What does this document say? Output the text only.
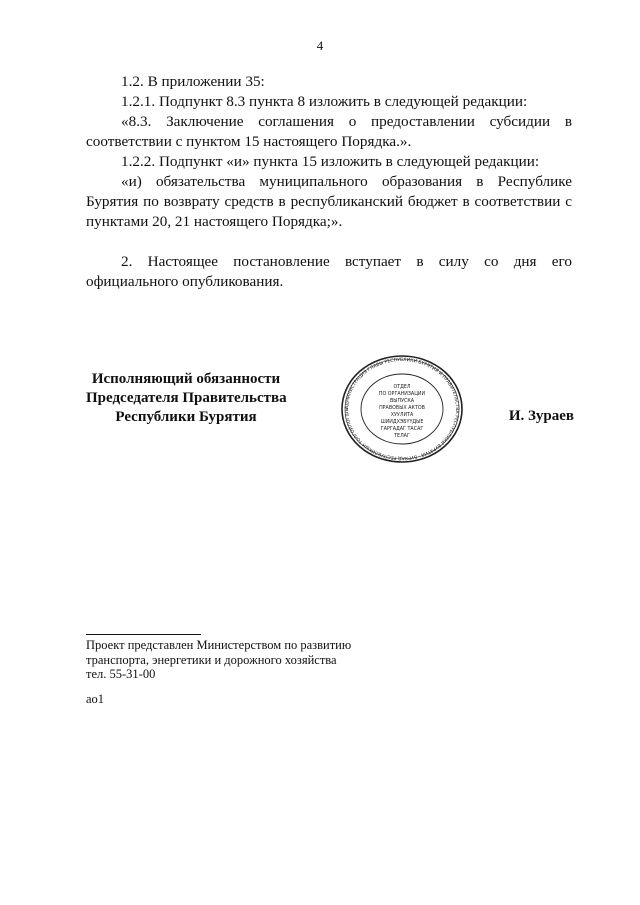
4

1.2. В приложении 35:

1.2.1. Подпункт 8.3 пункта 8 изложить в следующей редакции:

«8.3. Заключение соглашения о предоставлении субсидии в соответствии с пунктом 15 настоящего Порядка.».

1.2.2. Подпункт «и» пункта 15 изложить в следующей редакции:

«и) обязательства муниципального образования в Республике Бурятия по возврату средств в республиканский бюджет в соответствии с пунктами 20, 21 настоящего Порядка;».

2. Настоящее постановление вступает в силу со дня его официального опубликования.

Исполняющий обязанности
Председателя Правительства
Республики Бурятия
АДМИНИСТРАЦИЯ ГЛАВЫ РЕСПУБЛИКИ БУРЯТИЯ И ПРАВИТЕЛЬСТВА РЕСПУБЛИКИ БУРЯТИЯ · БУРЯАД РЕСПУБЛИКЫН ТОЛГОЙЛОГШЫ
ОТДЕЛ
ПО ОРГАНИЗАЦИИ
ВЫПУСКА
ПРАВОВЫХ АКТОВ
ХУУЛИТА
ШИИДХЭБҮҮДЫЕ
ГАРГАДАГ ТАСАГ
ТЕЛАГ
И. Зураев
Проект представлен Министерством по развитию
транспорта, энергетики и дорожного хозяйства
тел. 55-31-00
ao1
